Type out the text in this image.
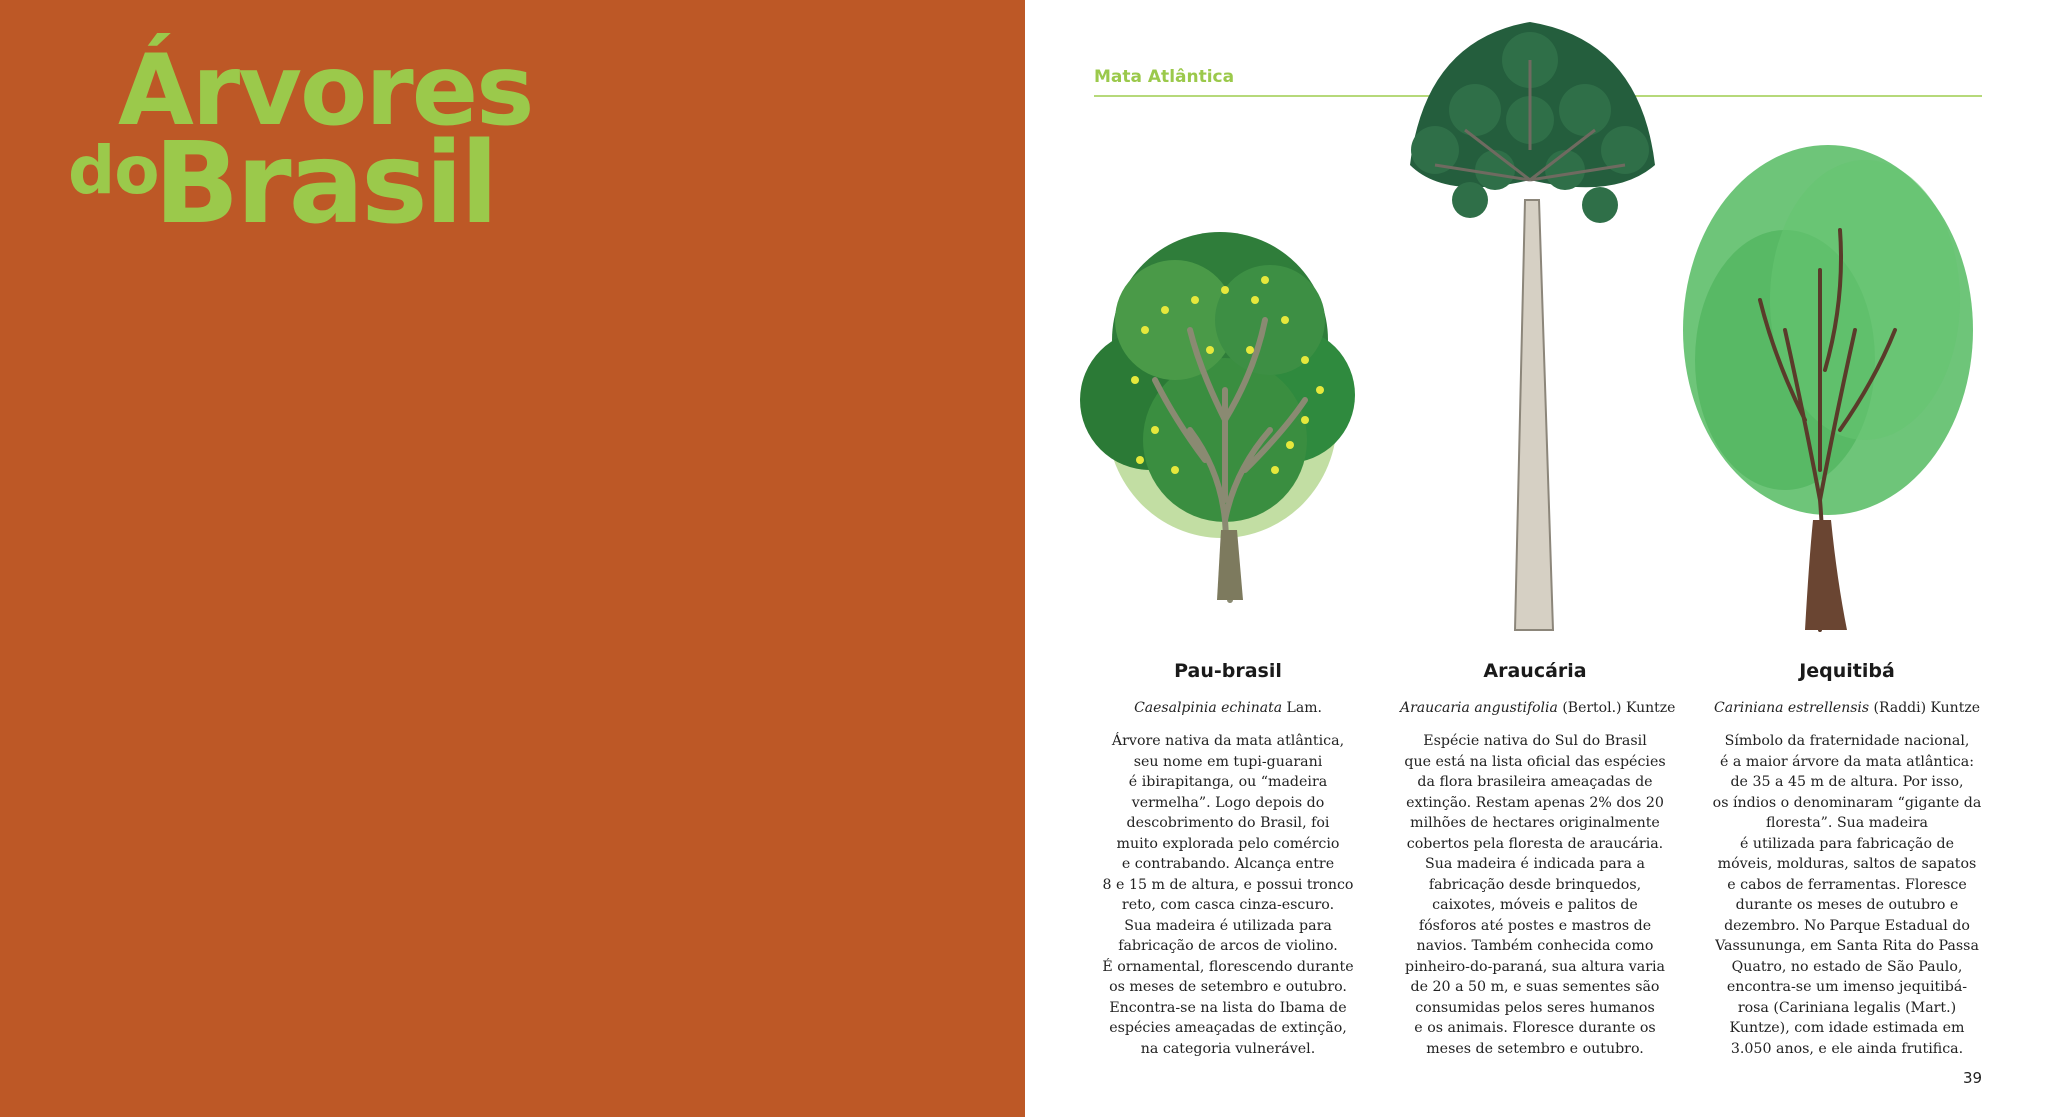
Árvores
do
Brasil
Mata Atlântica
39
Pau-brasil
Caesalpinia echinata Lam.
Árvore nativa da mata atlântica,
seu nome em tupi-guarani
é ibirapitanga, ou “madeira
vermelha”. Logo depois do
descobrimento do Brasil, foi
muito explorada pelo comércio
e contrabando. Alcança entre
8 e 15 m de altura, e possui tronco
reto, com casca cinza-escuro.
Sua madeira é utilizada para
fabricação de arcos de violino.
É ornamental, florescendo durante
os meses de setembro e outubro.
Encontra-se na lista do Ibama de
espécies ameaçadas de extinção,
na categoria vulnerável.
Araucária
Araucaria angustifolia (Bertol.) Kuntze
Espécie nativa do Sul do Brasil
que está na lista oficial das espécies
da flora brasileira ameaçadas de
extinção. Restam apenas 2% dos 20
milhões de hectares originalmente
cobertos pela floresta de araucária.
Sua madeira é indicada para a
fabricação desde brinquedos,
caixotes, móveis e palitos de
fósforos até postes e mastros de
navios. Também conhecida como
pinheiro-do-paraná, sua altura varia
de 20 a 50 m, e suas sementes são
consumidas pelos seres humanos
e os animais. Floresce durante os
meses de setembro e outubro.
Jequitibá
Cariniana estrellensis (Raddi) Kuntze
Símbolo da fraternidade nacional,
é a maior árvore da mata atlântica:
de 35 a 45 m de altura. Por isso,
os índios o denominaram “gigante da
floresta”. Sua madeira
é utilizada para fabricação de
móveis, molduras, saltos de sapatos
e cabos de ferramentas. Floresce
durante os meses de outubro e
dezembro. No Parque Estadual do
Vassununga, em Santa Rita do Passa
Quatro, no estado de São Paulo,
encontra-se um imenso jequitibá-
rosa (Cariniana legalis (Mart.)
Kuntze), com idade estimada em
3.050 anos, e ele ainda frutifica.
